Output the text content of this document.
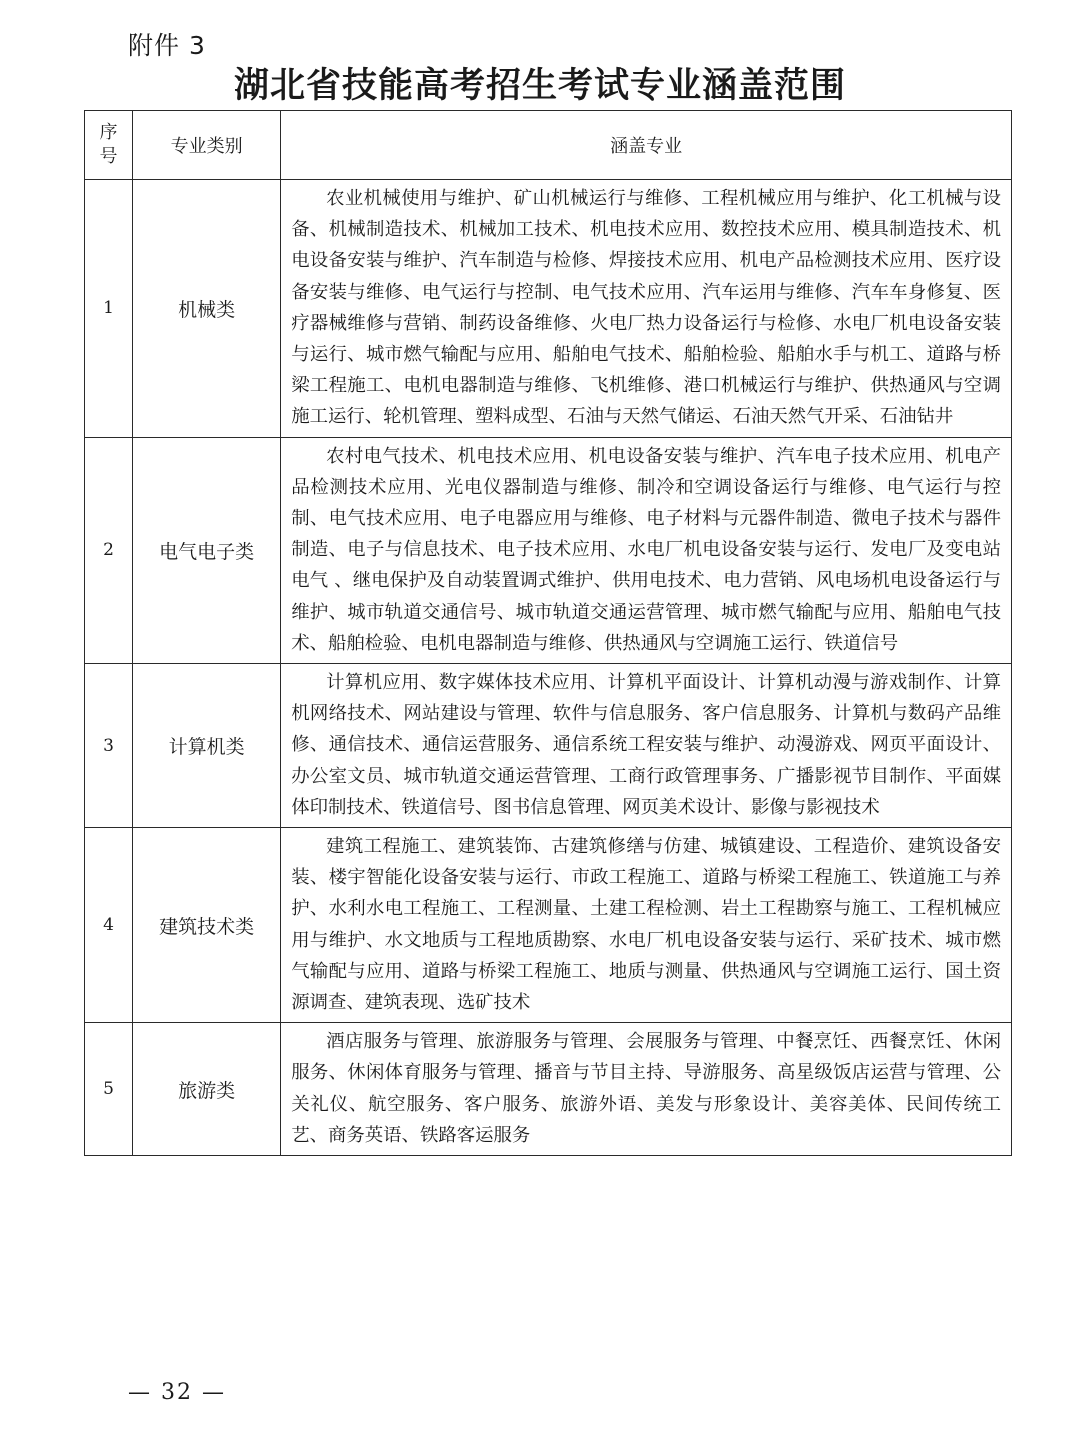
附件 3
湖北省技能高考招生考试专业涵盖范围
序
号	专业类别	涵盖专业
1	机械类	农业机械使用与维护、矿山机械运行与维修、工程机械应用与维护、化工机械与设备、机械制造技术、机械加工技术、机电技术应用、数控技术应用、模具制造技术、机电设备安装与维护、汽车制造与检修、焊接技术应用、机电产品检测技术应用、医疗设备安装与维修、电气运行与控制、电气技术应用、汽车运用与维修、汽车车身修复、医疗器械维修与营销、制药设备维修、火电厂热力设备运行与检修、水电厂机电设备安装与运行、城市燃气输配与应用、船舶电气技术、船舶检验、船舶水手与机工、道路与桥梁工程施工、电机电器制造与维修、飞机维修、港口机械运行与维护、供热通风与空调施工运行、轮机管理、塑料成型、石油与天然气储运、石油天然气开采、石油钻井
2	电气电子类	农村电气技术、机电技术应用、机电设备安装与维护、汽车电子技术应用、机电产品检测技术应用、光电仪器制造与维修、制冷和空调设备运行与维修、电气运行与控制、电气技术应用、电子电器应用与维修、电子材料与元器件制造、微电子技术与器件制造、电子与信息技术、电子技术应用、水电厂机电设备安装与运行、发电厂及变电站电气 、继电保护及自动装置调式维护、供用电技术、电力营销、风电场机电设备运行与维护、城市轨道交通信号、城市轨道交通运营管理、城市燃气输配与应用、船舶电气技术、船舶检验、电机电器制造与维修、供热通风与空调施工运行、铁道信号
3	计算机类	计算机应用、数字媒体技术应用、计算机平面设计、计算机动漫与游戏制作、计算机网络技术、网站建设与管理、软件与信息服务、客户信息服务、计算机与数码产品维修、通信技术、通信运营服务、通信系统工程安装与维护、动漫游戏、网页平面设计、办公室文员、城市轨道交通运营管理、工商行政管理事务、广播影视节目制作、平面媒体印制技术、铁道信号、图书信息管理、网页美术设计、影像与影视技术
4	建筑技术类	建筑工程施工、建筑装饰、古建筑修缮与仿建、城镇建设、工程造价、建筑设备安装、楼宇智能化设备安装与运行、市政工程施工、道路与桥梁工程施工、铁道施工与养护、水利水电工程施工、工程测量、土建工程检测、岩土工程勘察与施工、工程机械应用与维护、水文地质与工程地质勘察、水电厂机电设备安装与运行、采矿技术、城市燃气输配与应用、道路与桥梁工程施工、地质与测量、供热通风与空调施工运行、国土资源调查、建筑表现、选矿技术
5	旅游类	酒店服务与管理、旅游服务与管理、会展服务与管理、中餐烹饪、西餐烹饪、休闲服务、休闲体育服务与管理、播音与节目主持、导游服务、高星级饭店运营与管理、公关礼仪、航空服务、客户服务、旅游外语、美发与形象设计、美容美体、民间传统工艺、商务英语、铁路客运服务
— 32 —
